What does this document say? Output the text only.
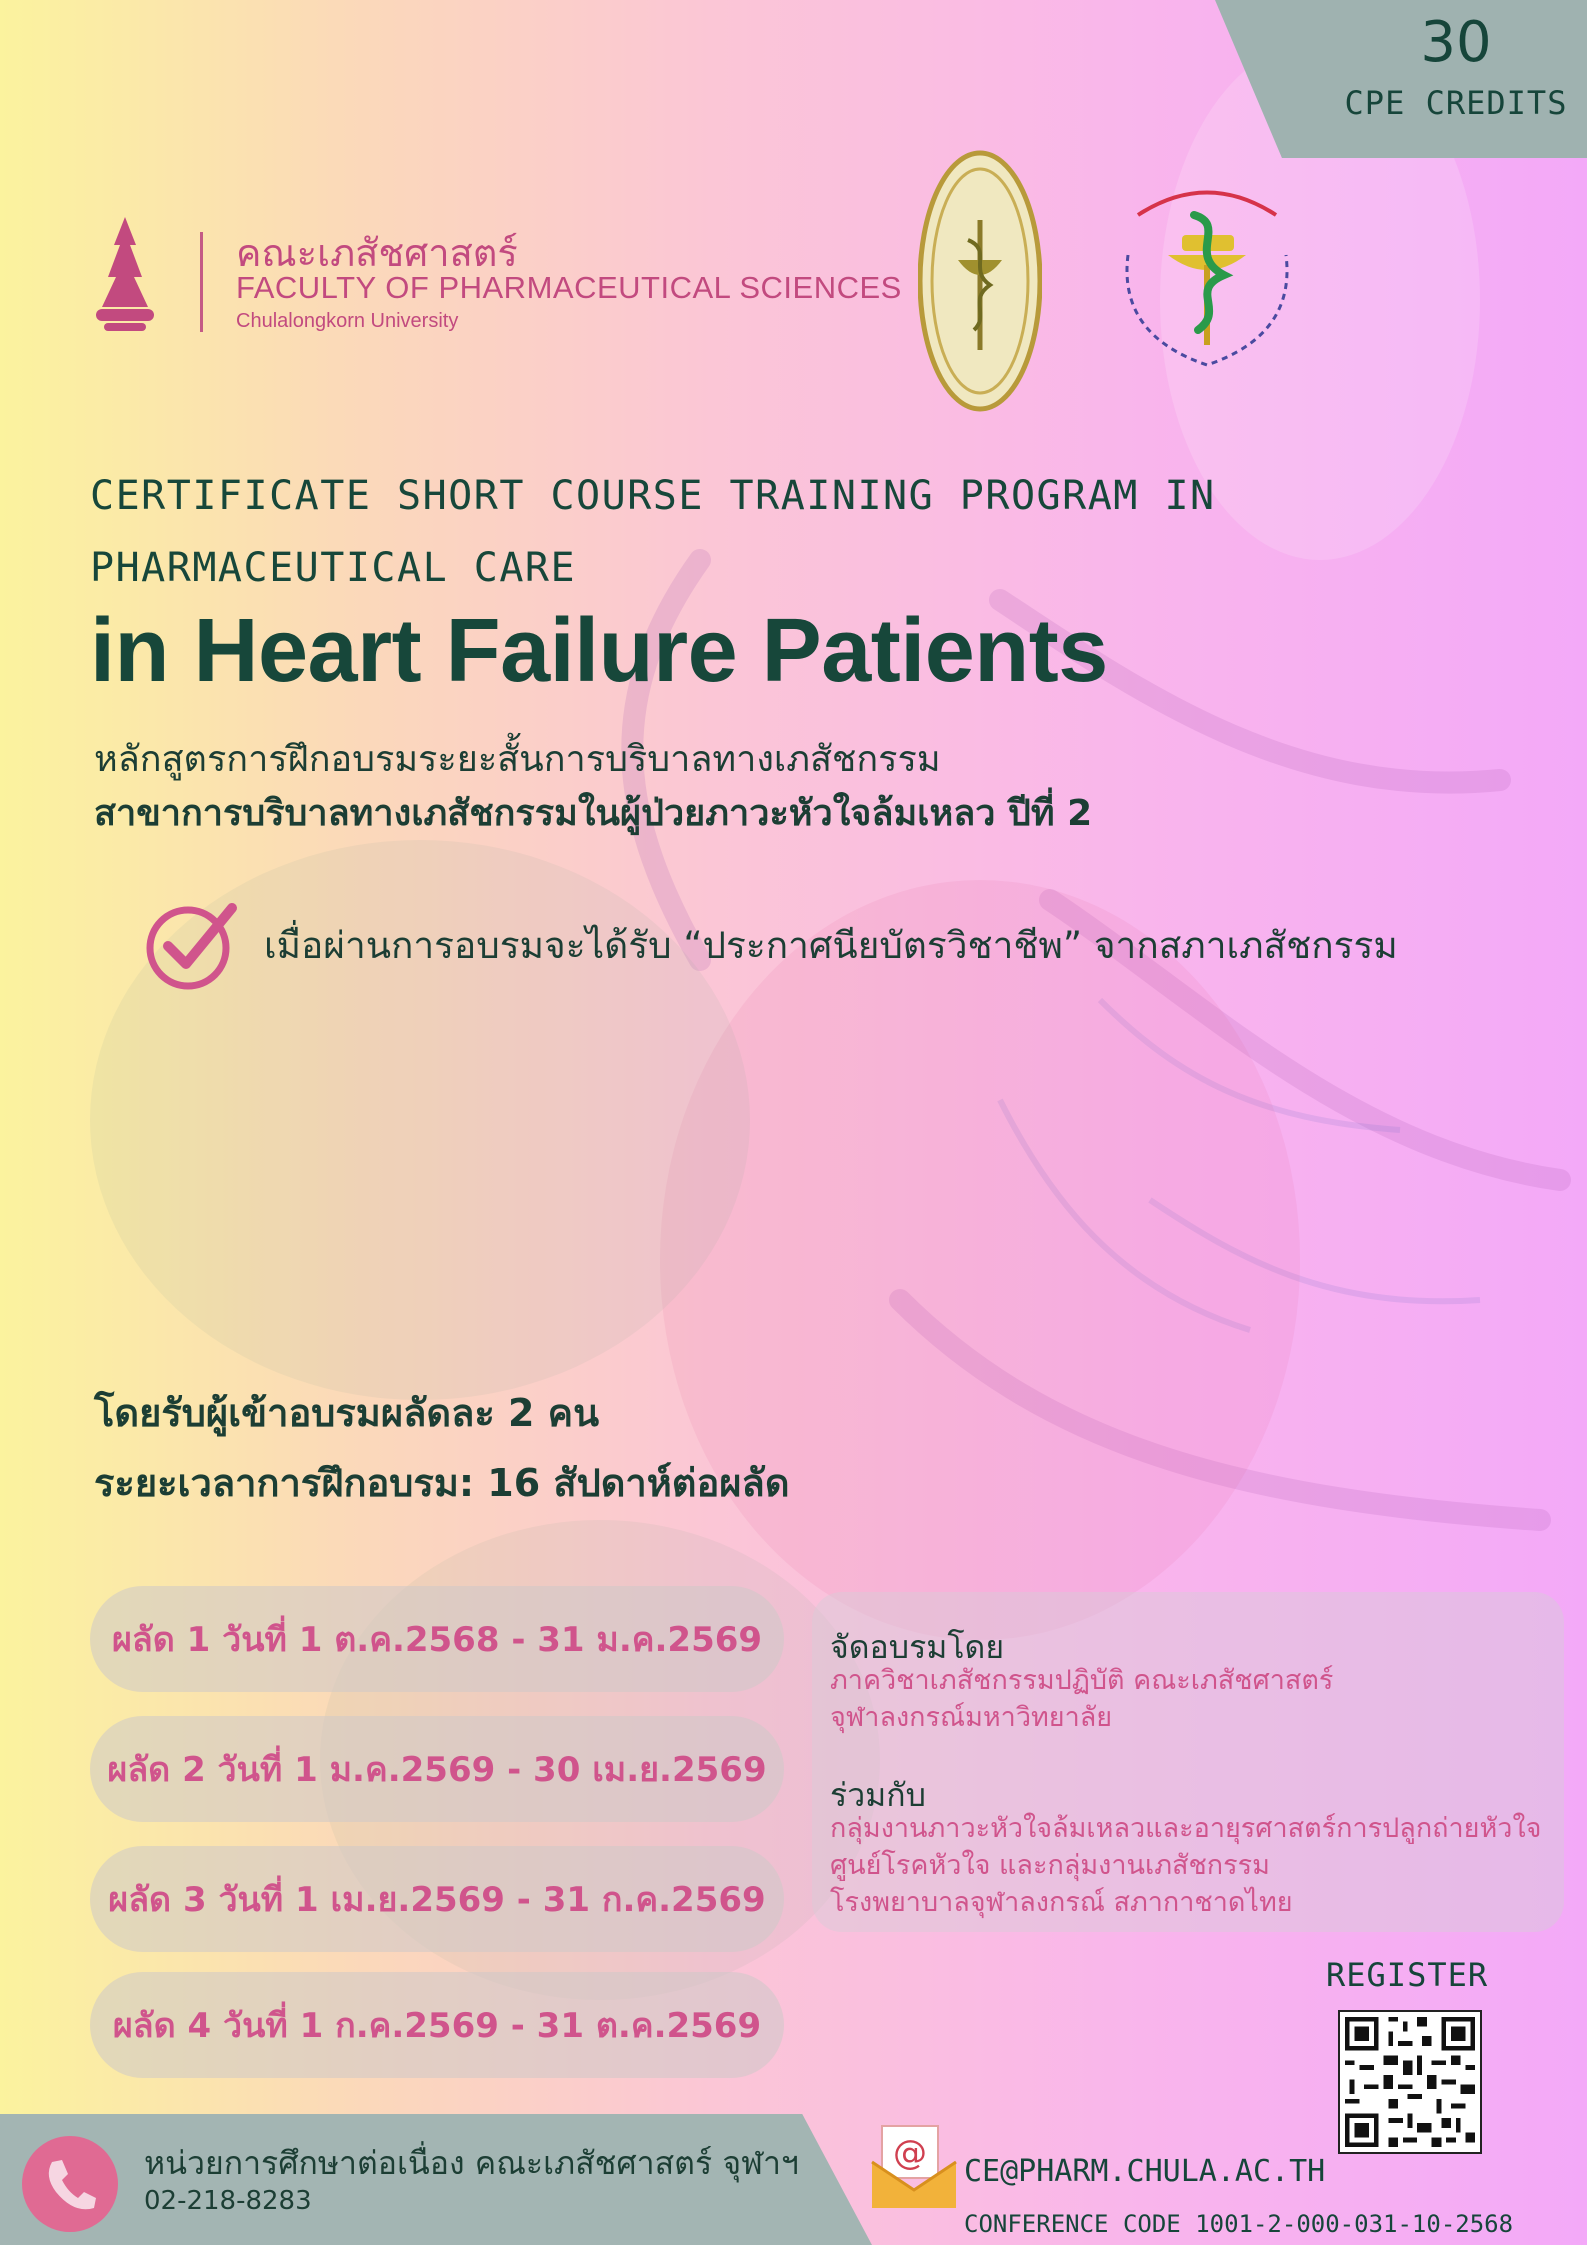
30
CPE CREDITS
คณะเภสัชศาสตร์
FACULTY OF PHARMACEUTICAL SCIENCES
Chulalongkorn University
CERTIFICATE SHORT COURSE TRAINING PROGRAM IN
PHARMACEUTICAL CARE
in Heart Failure Patients
หลักสูตรการฝึกอบรมระยะสั้นการบริบาลทางเภสัชกรรม
สาขาการบริบาลทางเภสัชกรรมในผู้ป่วยภาวะหัวใจล้มเหลว ปีที่ 2
เมื่อผ่านการอบรมจะได้รับ “ประกาศนียบัตรวิชาชีพ” จากสภาเภสัชกรรม
โดยรับผู้เข้าอบรมผลัดละ 2 คน
ระยะเวลาการฝึกอบรม: 16 สัปดาห์ต่อผลัด
ผลัด 1 วันที่ 1 ต.ค.2568 - 31 ม.ค.2569
ผลัด 2 วันที่ 1 ม.ค.2569 - 30 เม.ย.2569
ผลัด 3 วันที่ 1 เม.ย.2569 - 31 ก.ค.2569
ผลัด 4 วันที่ 1 ก.ค.2569 - 31 ต.ค.2569
จัดอบรมโดย
ภาควิชาเภสัชกรรมปฏิบัติ คณะเภสัชศาสตร์
จุฬาลงกรณ์มหาวิทยาลัย
ร่วมกับ
กลุ่มงานภาวะหัวใจล้มเหลวและอายุรศาสตร์การปลูกถ่ายหัวใจ
ศูนย์โรคหัวใจ และกลุ่มงานเภสัชกรรม
โรงพยาบาลจุฬาลงกรณ์ สภากาชาดไทย
REGISTER
หน่วยการศึกษาต่อเนื่อง คณะเภสัชศาสตร์ จุฬาฯ
02-218-8283
@ CE@PHARM.CHULA.AC.TH
CONFERENCE CODE 1001-2-000-031-10-2568
